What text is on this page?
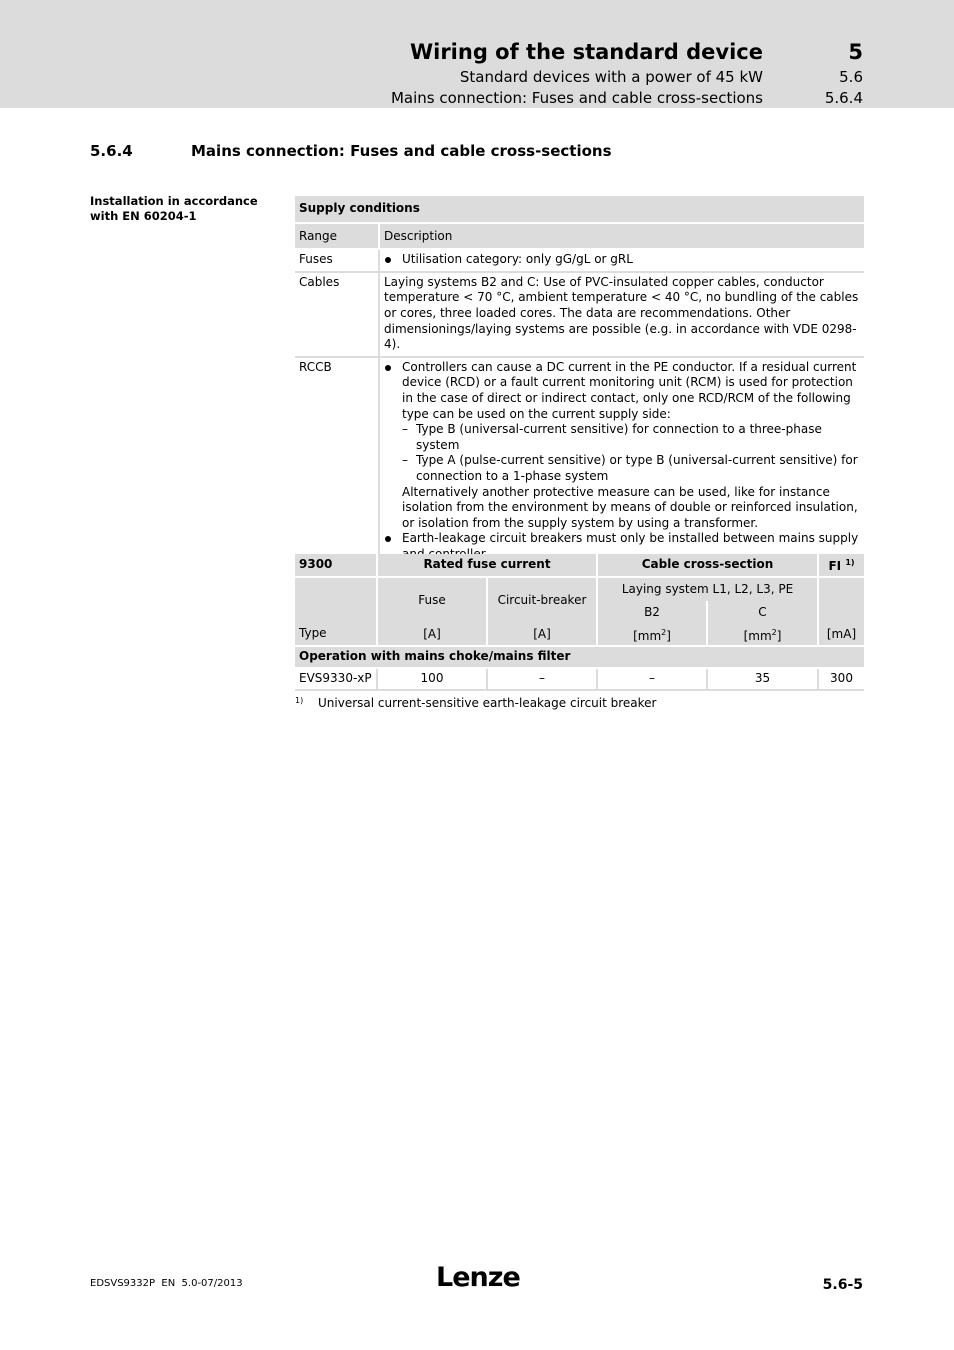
Wiring of the standard device	5
Standard devices with a power of 45 kW	5.6
Mains connection: Fuses and cable cross-sections	5.6.4
5.6.4	Mains connection: Fuses and cable cross-sections
Installation in accordance with EN 60204-1
Supply conditions	
Range	Description
Fuses	Utilisation category: only gG/gL or gRL

Cables	Laying systems B2 and C: Use of PVC-insulated copper cables, conductor temperature < 70 °C, ambient temperature < 40 °C, no bundling of the cables or cores, three loaded cores. The data are recommendations. Other dimensionings/laying systems are possible (e.g. in accordance with VDE 0298-4).
RCCB	Controllers can cause a DC current in the PE conductor. If a residual current device (RCD) or a fault current monitoring unit (RCM) is used for protection in the case of direct or indirect contact, only one RCD/RCM of the following type can be used on the current supply side:
– Type B (universal-current sensitive) for connection to a three-phase system
– Type A (pulse-current sensitive) or type B (universal-current sensitive) for connection to a 1-phase system
Alternatively another protective measure can be used, like for instance isolation from the environment by means of double or reinforced insulation, or isolation from the supply system by using a transformer.
Earth-leakage circuit breakers must only be installed between mains supply

9300	Rated fuse current		Cable cross-section		FI $^{1)}$
Type	Fuse	Circuit-breaker	Laying system L1, L2, L3, PE		
			B2	C	
	[A]	[A]	$[mm^2]$	$[mm^2]$	[mA]
Operation with mains choke/mains filter					
EVS9330-xP	100	–	–	35	300
1) Universal current-sensitive earth-leakage circuit breaker
EDSVS9332P  EN  5.0-07/2013	Lenze	5.6-5
